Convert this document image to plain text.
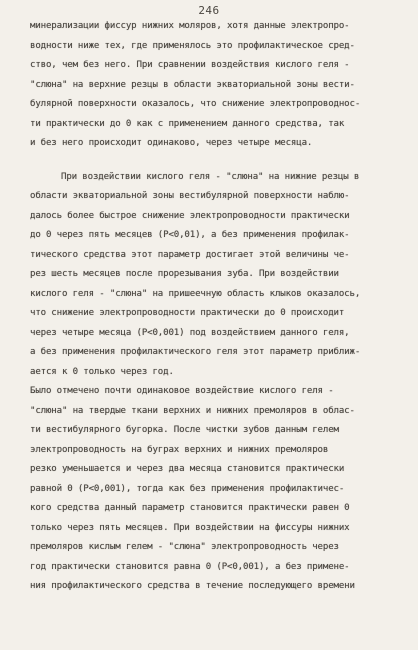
246
минерализации фиссур нижних моляров, хотя данные электропро-
водности ниже тех, где применялось это профилактическое сред-
ство, чем без него. При сравнении воздействия кислого геля -
"слюна" на верхние резцы в области экваториальной зоны вести-
булярной поверхности оказалось, что снижение электропроводнос-
ти практически до 0 как с применением данного средства, так
и без него происходит одинаково, через четыре месяца.
При воздействии кислого геля - "слюна" на нижние резцы в
области экваториальной зоны вестибулярной поверхности наблю-
далось более быстрое снижение электропроводности практически
до 0 через пять месяцев (P<0,01), а без применения профилак-
тического средства этот параметр достигает этой величины че-
рез шесть месяцев после прорезывания зуба. При воздействии
кислого геля - "слюна" на пришеечную область клыков оказалось,
что снижение электропроводности практически до 0 происходит
через четыре месяца (P<0,001) под воздействием данного геля,
а без применения профилактического геля этот параметр приближ-
ается к 0 только через год.
Было отмечено почти одинаковое воздействие кислого геля -
"слюна" на твердые ткани верхних и нижних премоляров в облас-
ти вестибулярного бугорка. После чистки зубов данным гелем
электропроводность на буграх верхних и нижних премоляров
резко уменьшается и через два месяца становится практически
равной 0 (P<0,001), тогда как без применения профилактичес-
кого средства данный параметр становится практически равен 0
только через пять месяцев. При воздействии на фиссуры нижних
премоляров кислым гелем - "слюна" электропроводность через
год практически становится равна 0 (P<0,001), а без примене-
ния профилактического средства в течение последующего времени
